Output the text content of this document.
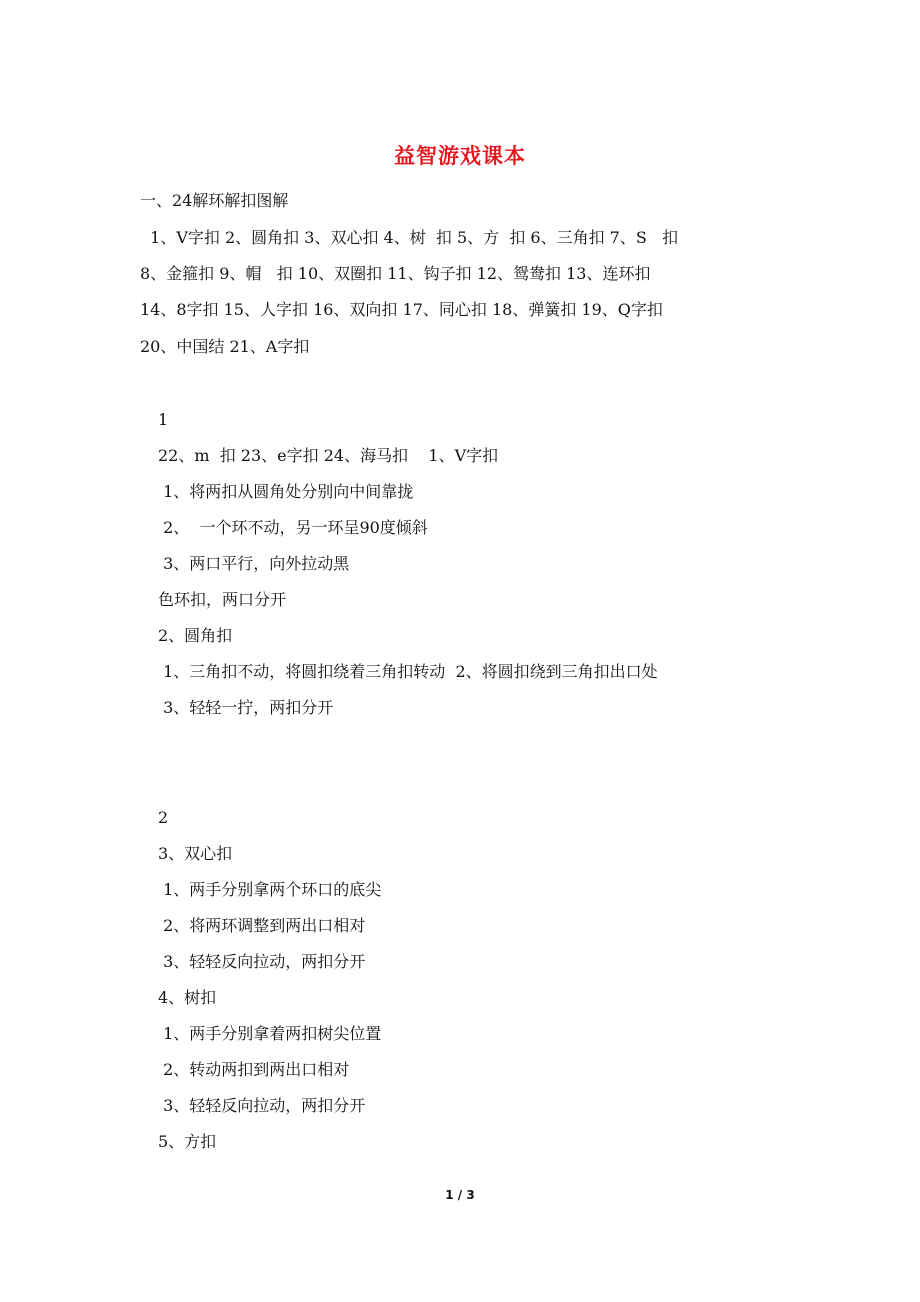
益智游戏课本
一、24解环解扣图解
1、V字扣 2、圆角扣 3、双心扣 4、树  扣 5、方  扣 6、三角扣 7、S   扣
8、金箍扣 9、帽   扣 10、双圈扣 11、钩子扣 12、鸳鸯扣 13、连环扣
14、8字扣 15、人字扣 16、双向扣 17、同心扣 18、弹簧扣 19、Q字扣
20、中国结 21、A字扣
1
22、m  扣 23、e字扣 24、海马扣    1、V字扣
1、将两扣从圆角处分别向中间靠拢
2、  一个环不动，另一环呈90度倾斜
3、两口平行，向外拉动黑
色环扣，两口分开
2、圆角扣
1、三角扣不动，将圆扣绕着三角扣转动  2、将圆扣绕到三角扣出口处
3、轻轻一拧，两扣分开
2
3、双心扣
1、两手分别拿两个环口的底尖
2、将两环调整到两出口相对
3、轻轻反向拉动，两扣分开
4、树扣
1、两手分别拿着两扣树尖位置
2、转动两扣到两出口相对
3、轻轻反向拉动，两扣分开
5、方扣
1 / 3
